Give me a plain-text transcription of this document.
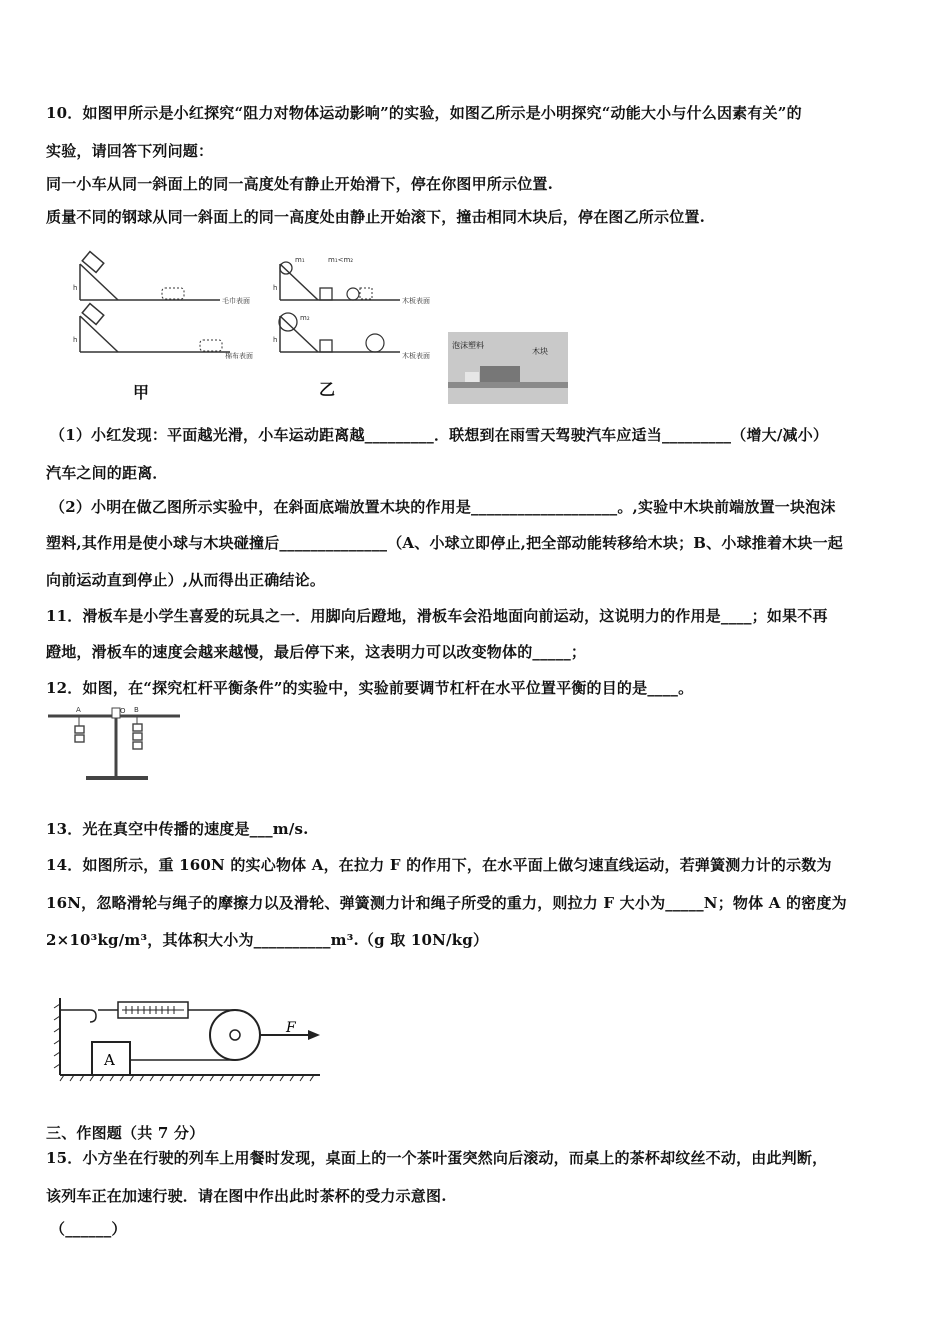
10．如图甲所示是小红探究“阻力对物体运动影响”的实验，如图乙所示是小明探究“动能大小与什么因素有关”的
实验，请回答下列问题：
同一小车从同一斜面上的同一高度处有静止开始滑下，停在你图甲所示位置.
质量不同的钢球从同一斜面上的同一高度处由静止开始滚下，撞击相同木块后，停在图乙所示位置.
h
毛巾表面
h
棉布表面
m₁	m₁<m₂
h
木板表面
m₂
h
木板表面
泡沫塑料
木块
甲	乙
（1）小红发现：平面越光滑，小车运动距离越_________．联想到在雨雪天驾驶汽车应适当_________（增大/减小）
汽车之间的距离．
（2）小明在做乙图所示实验中，在斜面底端放置木块的作用是___________________。,实验中木块前端放置一块泡沫
塑料,其作用是使小球与木块碰撞后______________（A、小球立即停止,把全部动能转移给木块；B、小球推着木块一起
向前运动直到停止）,从而得出正确结论。
11．滑板车是小学生喜爱的玩具之一．用脚向后蹬地，滑板车会沿地面向前运动，这说明力的作用是____；如果不再
蹬地，滑板车的速度会越来越慢，最后停下来，这表明力可以改变物体的_____；
12．如图，在“探究杠杆平衡条件”的实验中，实验前要调节杠杆在水平位置平衡的目的是____。
A	O B
13．光在真空中传播的速度是___m/s.
14．如图所示，重 160N 的实心物体 A，在拉力 F 的作用下，在水平面上做匀速直线运动，若弹簧测力计的示数为
16N，忽略滑轮与绳子的摩擦力以及滑轮、弹簧测力计和绳子所受的重力，则拉力 F 大小为_____N；物体 A 的密度为
2×10³kg/m³，其体积大小为__________m³.（g 取 10N/kg）
A
F
三、作图题（共 7 分）
15．小方坐在行驶的列车上用餐时发现，桌面上的一个茶叶蛋突然向后滚动，而桌上的茶杯却纹丝不动，由此判断，
该列车正在加速行驶．请在图中作出此时茶杯的受力示意图.
（______）
